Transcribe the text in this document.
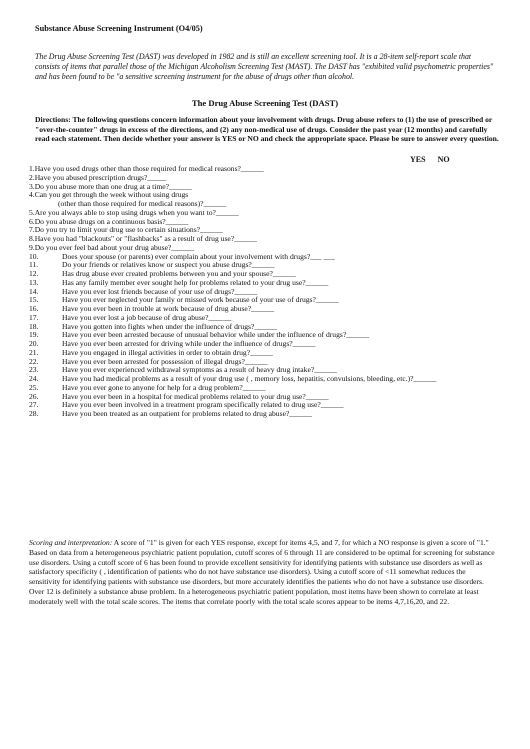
Substance Abuse Screening Instrument (O4/05)
The Drug Abuse Screening Test (DAST) was developed in 1982 and is still an excellent screening tool. It is a 28-item self-report scale that consists of items that parallel those of the Michigan Alcoholism Screening Test (MAST). The DAST has "exhibited valid psychometric properties" and has been found to be "a sensitive screening instrument for the abuse of drugs other than alcohol.
The Drug Abuse Screening Test (DAST)
Directions: The following questions concern information about your involvement with drugs. Drug abuse refers to (1) the use of prescribed or "over-the-counter" drugs in excess of the directions, and (2) any non-medical use of drugs. Consider the past year (12 months) and carefully read each statement. Then decide whether your answer is YES or NO and check the appropriate space. Please be sure to answer every question.
YES NO
1. Have you used drugs other than those required for medical reasons?______
2. Have you abused prescription drugs?_____
3. Do you abuse more than one drug at a time?______
4. Can you get through the week without using drugs
(other than those required for medical reasons)?______
5. Are you always able to stop using drugs when you want to?______
6. Do you abuse drugs on a continuous basis?______
7. Do you try to limit your drug use to certain situations?______
8. Have you had "blackouts" or "flashbacks" as a result of drug use?______
9. Do you ever feel bad about your drug abuse?______
10.	Does your spouse (or parents) ever complain about your involvement with drugs?___ ___
11.	Do your friends or relatives know or suspect you abuse drugs?______
12.	Has drug abuse ever created problems between you and your spouse?______
13.	Has any family member ever sought help for problems related to your drug use?______
14.	Have you ever lost friends because of your use of drugs?______
15.	Have you ever neglected your family or missed work because of your use of drugs?______
16.	Have you ever been in trouble at work because of drug abuse?______
17.	Have you ever lost a job because of drug abuse?______
18.	Have you gotten into fights when under the influence of drugs?______
19.	Have you ever been arrested because of unusual behavior while under the influence of drugs?______
20.	Have you ever been arrested for driving while under the influence of drugs?______
21.	Have you engaged in illegal activities in order to obtain drug?______
22.	Have you ever been arrested for possession of illegal drugs?______
23.	Have you ever experienced withdrawal symptoms as a result of heavy drug intake?______
24.	Have you had medical problems as a result of your drug use ( , memory loss, hepatitis, convulsions, bleeding, etc.)?______
25.	Have you ever gone to anyone for help for a drug problem?______
26.	Have you ever been in a hospital for medical problems related to your drug use?______
27.	Have you ever been involved in a treatment program specifically related to drug use?______
28.	Have you been treated as an outpatient for problems related to drug abuse?______
Scoring and interpretation: A score of "1" is given for each YES response, except for items 4,5, and 7, for which a NO response is given a score of "1." Based on data from a heterogeneous psychiatric patient population, cutoff scores of 6 through 11 are considered to be optimal for screening for substance use disorders. Using a cutoff score of 6 has been found to provide excellent sensitivity for identifying patients with substance use disorders as well as satisfactory specificity ( , identification of patients who do not have substance use disorders). Using a cutoff score of <11 somewhat reduces the sensitivity for identifying patients with substance use disorders, but more accurately identifies the patients who do not have a substance use disorders. Over 12 is definitely a substance abuse problem. In a heterogeneous psychiatric patient population, most items have been shown to correlate at least moderately well with the total scale scores. The items that correlate poorly with the total scale scores appear to be items 4,7,16,20, and 22.
